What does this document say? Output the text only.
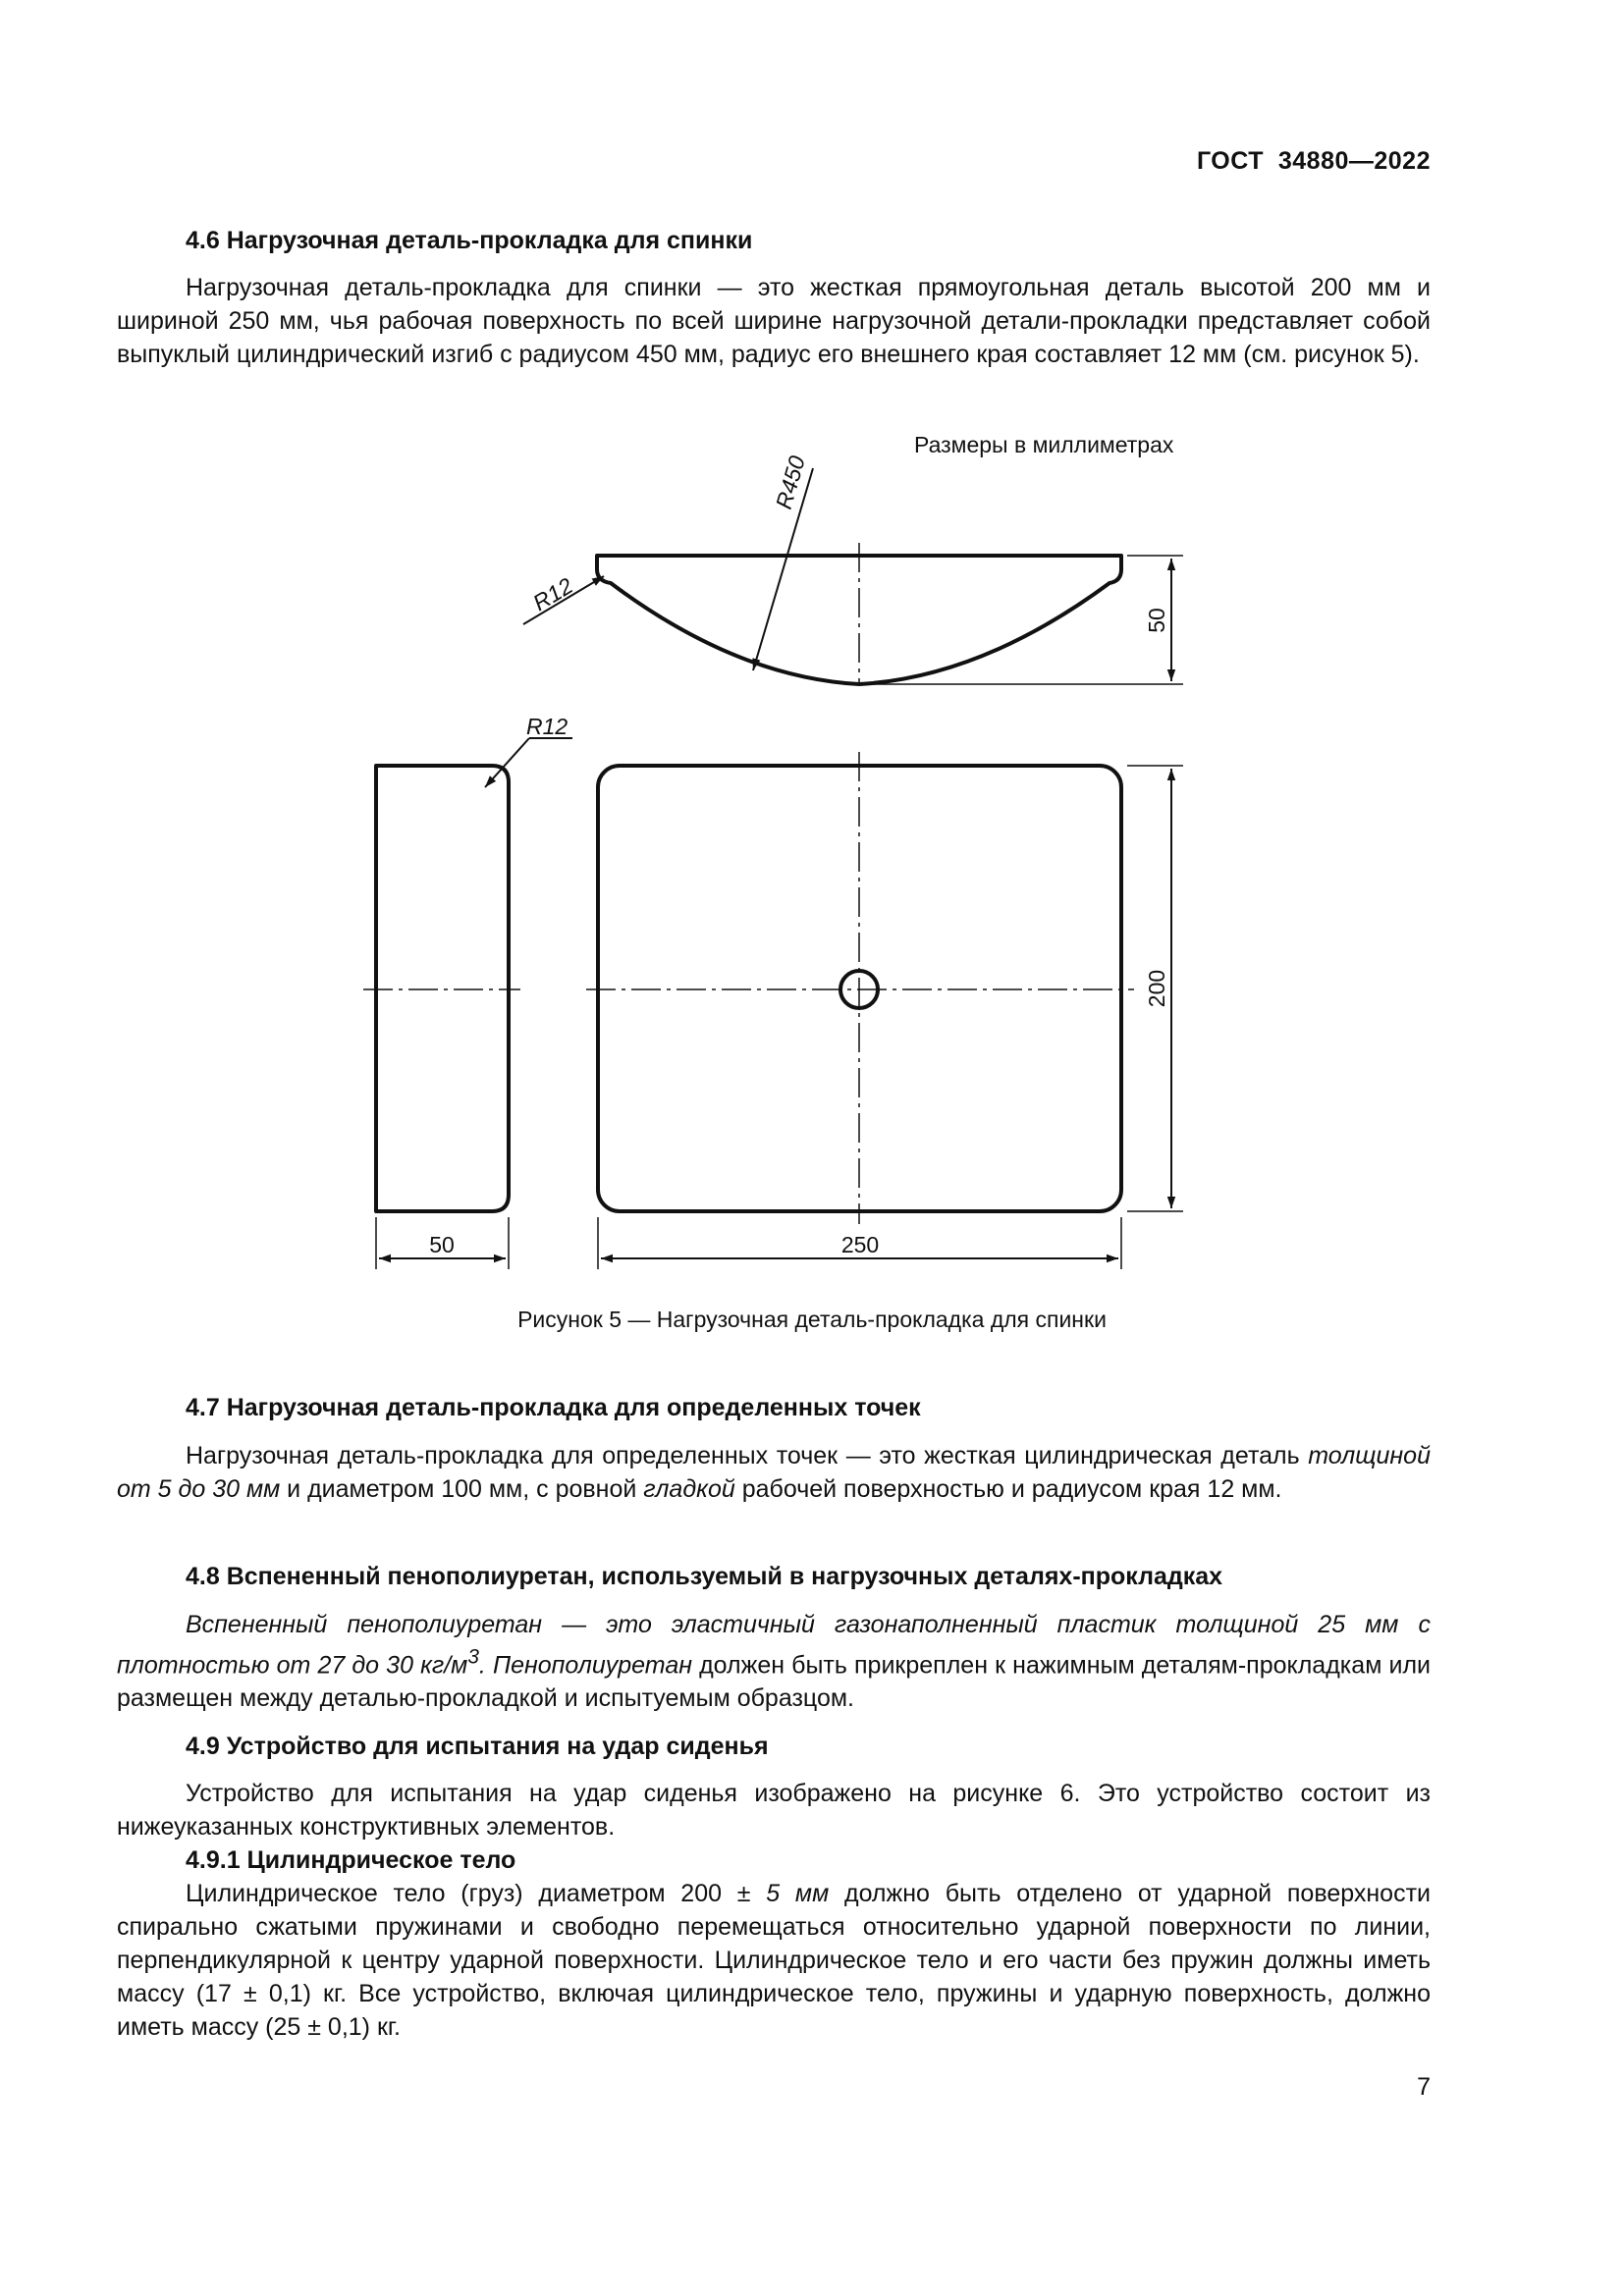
ГОСТ  34880—2022
4.6 Нагрузочная деталь-прокладка для спинки

Нагрузочная деталь-прокладка для спинки — это жесткая прямоугольная деталь высотой 200 мм и шириной 250 мм, чья рабочая поверхность по всей ширине нагрузочной детали-прокладки представляет собой выпуклый цилиндрический изгиб с радиусом 450 мм, радиус его внешнего края составляет 12 мм (см. рисунок 5).

Размеры в миллиметрах
R450
R12
50
R12
50
200
250
Рисунок 5 — Нагрузочная деталь-прокладка для спинки
4.7 Нагрузочная деталь-прокладка для определенных точек

Нагрузочная деталь-прокладка для определенных точек — это жесткая цилиндрическая деталь толщиной от 5 до 30 мм и диаметром 100 мм, с ровной гладкой рабочей поверхностью и радиусом края 12 мм.

4.8 Вспененный пенополиуретан, используемый в нагрузочных деталях-прокладках

Вспененный пенополиуретан — это эластичный газонаполненный пластик толщиной 25 мм с плотностью от 27 до 30 $кг/м^3$. Пенополиуретан должен быть прикреплен к нажимным деталям-прокладкам или размещен между деталью-прокладкой и испытуемым образцом.

4.9 Устройство для испытания на удар сиденья

Устройство для испытания на удар сиденья изображено на рисунке 6. Это устройство состоит из нижеуказанных конструктивных элементов.

4.9.1 Цилиндрическое тело

Цилиндрическое тело (груз) диаметром 200 ± 5 мм должно быть отделено от ударной поверхности спирально сжатыми пружинами и свободно перемещаться относительно ударной поверхности по линии, перпендикулярной к центру ударной поверхности. Цилиндрическое тело и его части без пружин должны иметь массу (17 ± 0,1) кг. Все устройство, включая цилиндрическое тело, пружины и ударную поверхность, должно иметь массу (25 ± 0,1) кг.

7
